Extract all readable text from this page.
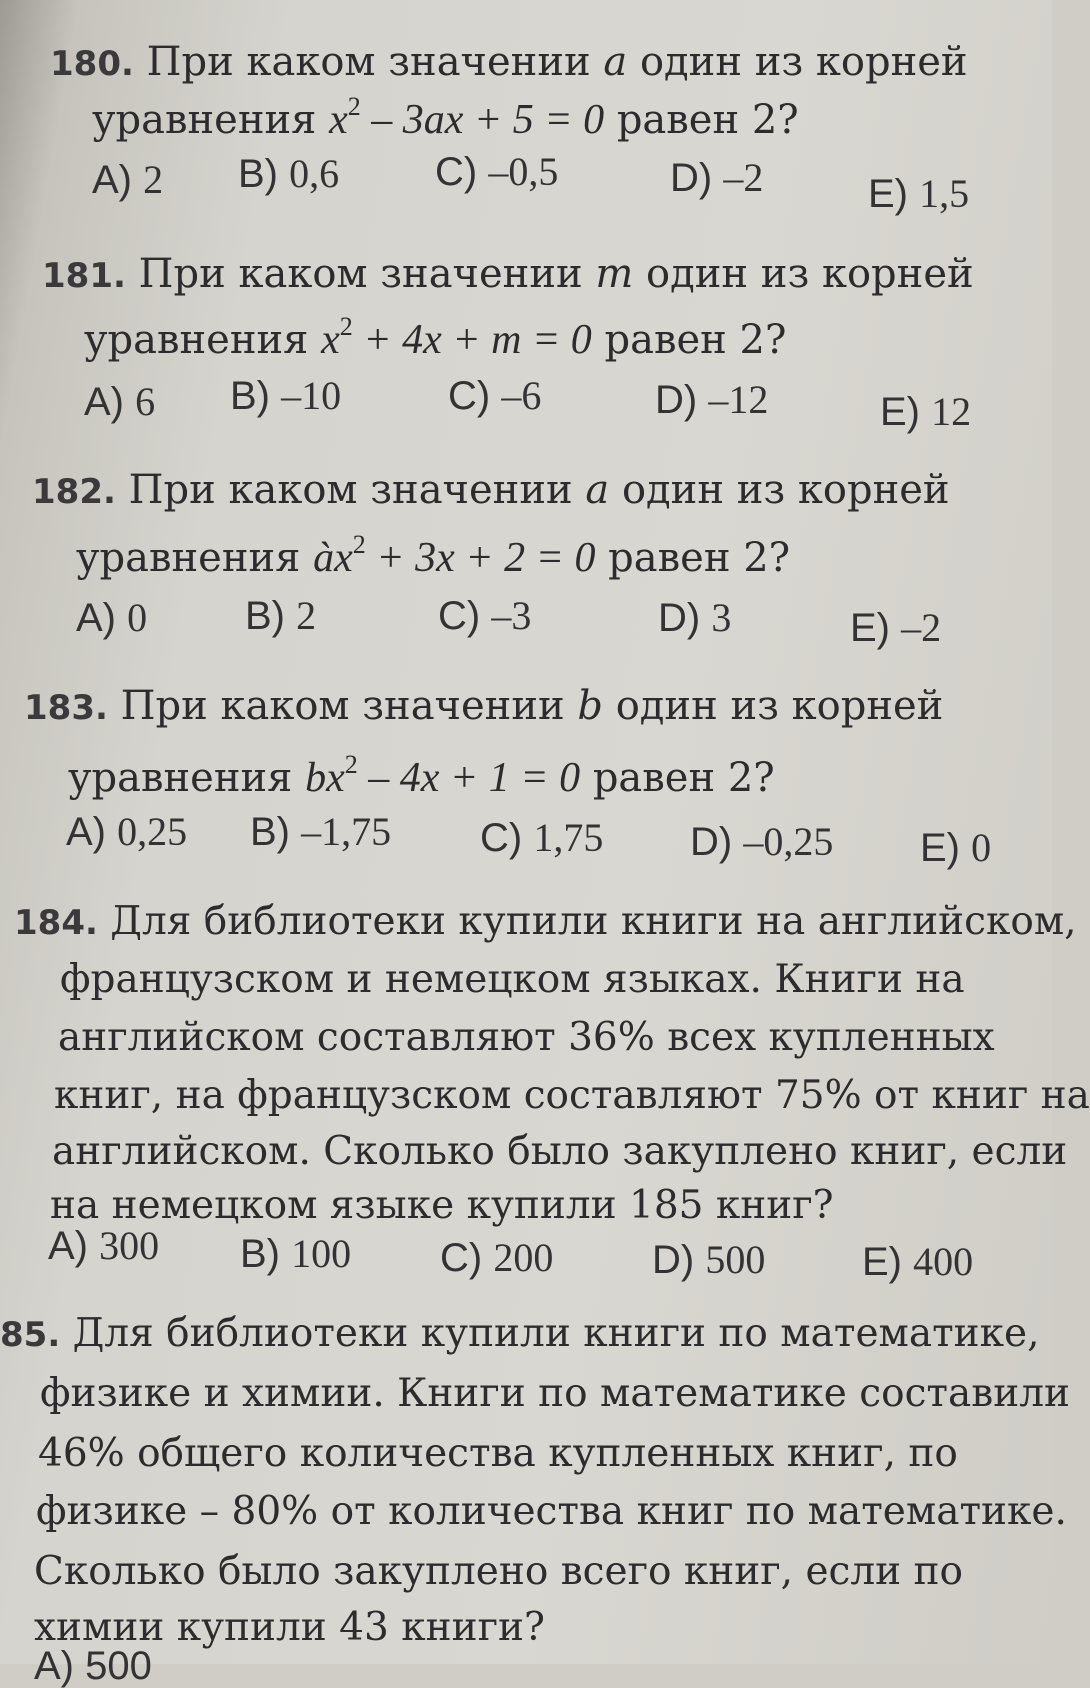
180. При каком значении a один из корней
уравнения $x^2 - 3ax + 5 = 0$ равен 2?
A) 2 B) 0,6 C) –0,5	D) –2	E) 1,5
181. При каком значении m один из корней
уравнения $x^2 + 4x + m = 0$ равен 2?
A) 6 B) –10	C) –6	D) –12	E) 12
182. При каком значении a один из корней
уравнения $àx^2 + 3x + 2 = 0$ равен 2?
A) 0 B) 2	C) –3	D) 3	E) –2
183. При каком значении b один из корней
уравнения $bx^2 - 4x + 1 = 0$ равен 2?
A) 0,25 B) –1,75 C) 1,75 D) –0,25 E) 0
184. Для библиотеки купили книги на английском,
французском и немецком языках. Книги на
английском составляют 36% всех купленных
книг, на французском составляют 75% от книг на
английском. Сколько было закуплено книг, если
на немецком языке купили 185 книг?
A) 300 B) 100 C) 200 D) 500 E) 400
85. Для библиотеки купили книги по математике,
физике и химии. Книги по математике составили
46% общего количества купленных книг, по
физике – 80% от количества книг по математике.
Сколько было закуплено всего книг, если по
химии купили 43 книги?
A) 500
